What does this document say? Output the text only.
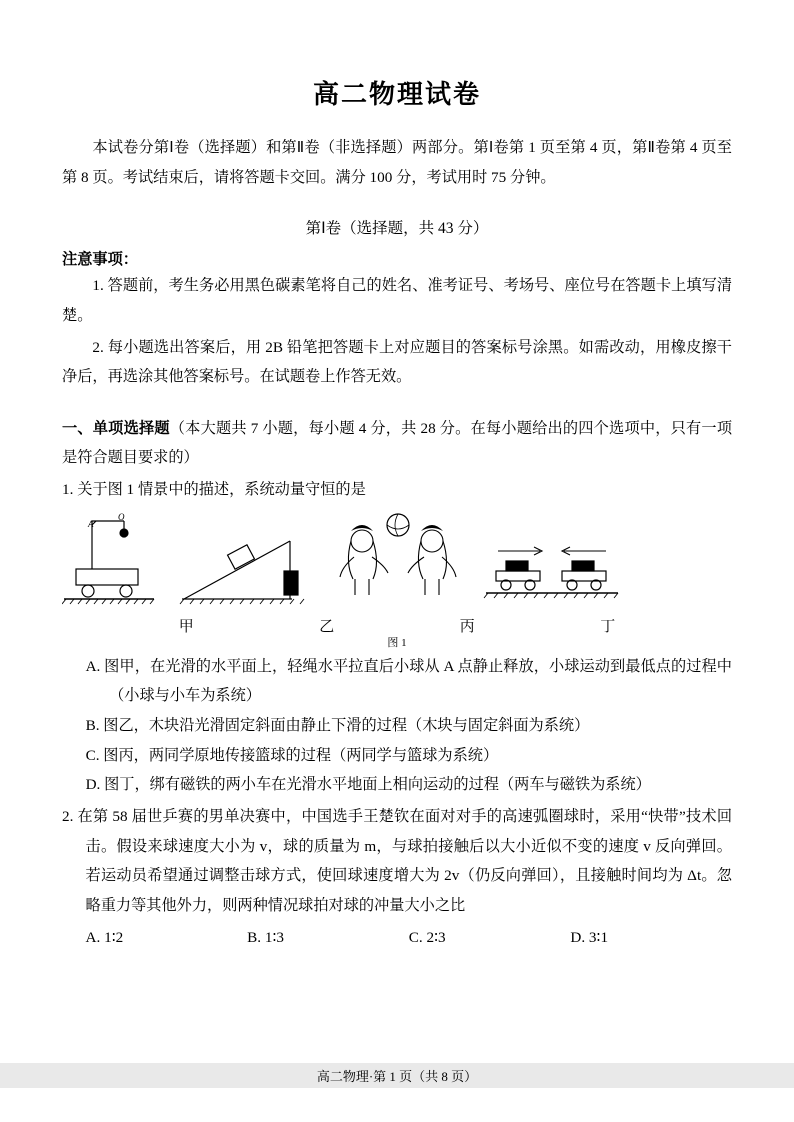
高二物理试卷

本试卷分第Ⅰ卷（选择题）和第Ⅱ卷（非选择题）两部分。第Ⅰ卷第 1 页至第 4 页，第Ⅱ卷第 4 页至第 8 页。考试结束后，请将答题卡交回。满分 100 分，考试用时 75 分钟。

第Ⅰ卷（选择题，共 43 分）
注意事项：

1. 答题前，考生务必用黑色碳素笔将自己的姓名、准考证号、考场号、座位号在答题卡上填写清楚。

2. 每小题选出答案后，用 2B 铅笔把答题卡上对应题目的答案标号涂黑。如需改动，用橡皮擦干净后，再选涂其他答案标号。在试题卷上作答无效。

一、单项选择题（本大题共 7 小题，每小题 4 分，共 28 分。在每小题给出的四个选项中，只有一项是符合题目要求的）
1. 关于图 1 情景中的描述，系统动量守恒的是
A
O
甲	乙	丙	丁
图 1
A. 图甲，在光滑的水平面上，轻绳水平拉直后小球从 A 点静止释放，小球运动到最低点的过程中（小球与小车为系统）
B. 图乙，木块沿光滑固定斜面由静止下滑的过程（木块与固定斜面为系统）
C. 图丙，两同学原地传接篮球的过程（两同学与篮球为系统）
D. 图丁，绑有磁铁的两小车在光滑水平地面上相向运动的过程（两车与磁铁为系统）
2. 在第 58 届世乒赛的男单决赛中，中国选手王楚钦在面对对手的高速弧圈球时，采用“快带”技术回击。假设来球速度大小为 v，球的质量为 m，与球拍接触后以大小近似不变的速度 v 反向弹回。若运动员希望通过调整击球方式，使回球速度增大为 2v（仍反向弹回），且接触时间均为 Δt。忽略重力等其他外力，则两种情况球拍对球的冲量大小之比
A. 1∶2	B. 1∶3	C. 2∶3	D. 3∶1
高二物理·第 1 页（共 8 页）
